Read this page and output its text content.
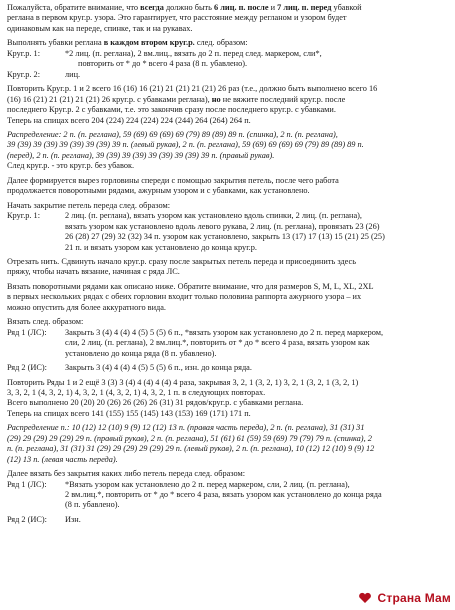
Пожалуйста, обратите внимание, что всегда должно быть 6 лиц. п. после и 7 лиц. п. перед убавкой
реглана в первом круг.р. узора. Это гарантирует, что расстояние между регланом и узором будет
одинаковым как на переде, спинке, так и на рукавах.
Выполнять убавки реглана в каждом втором круг.р. след. образом:
Круг.р. 1:	*2 лиц. (п. реглана), 2 вм.лиц., вязать до 2 п. перед след. маркером, сли*,
повторить от * до * всего 4 раза (8 п. убавлено).
Круг.р. 2:	лиц.
Повторить Круг.р. 1 и 2 всего 16 (16) 16 (21) 21 (21) 21 (21) 26 раз (т.е., должно быть выполнено всего 16
(16) 16 (21) 21 (21) 21 (21) 26 круг.р. с убавками реглана), но не вяжите последний круг.р. после
последнего Круг.р. 2 с убавками, т.е. это закончив сразу после последнего круг.р. с убавками.
Теперь на спицах всего 204 (224) 224 (224) 224 (244) 264 (264) 264 п.
Распределение: 2 п. (п. реглана), 59 (69) 69 (69) 69 (79) 89 (89) 89 п. (спинка), 2 п. (п. реглана),
39 (39) 39 (39) 39 (39) 39 (39) 39 п. (левый рукав), 2 п. (п. реглана), 59 (69) 69 (69) 69 (79) 89 (89) 89 п.
(перед), 2 п. (п. реглана), 39 (39) 39 (39) 39 (39) 39 (39) 39 п. (правый рукав).
След круг.р. - это круг.р. без убавок.
Далее формируется вырез горловины спереди с помощью закрытия петель, после чего работа
продолжается поворотными рядами, ажурным узором и с убавками, как установлено.
Начать закрытие петель переда след. образом:
Круг.р. 1:	2 лиц. (п. реглана), вязать узором как установлено вдоль спинки, 2 лиц. (п. реглана),
вязать узором как установлено вдоль левого рукава, 2 лиц. (п. реглана), провязать 23 (26)
26 (28) 27 (29) 32 (32) 34 п. узором как установлено, закрыть 13 (17) 17 (13) 15 (21) 25 (25)
21 п. и вязать узором как установлено до конца круг.р.
Отрезать нить. Сдвинуть начало круг.р. сразу после закрытых петель переда и присоединить здесь
пряжу, чтобы начать вязание, начиная с ряда ЛС.
Вязать поворотными рядами как описано ниже. Обратите внимание, что для размеров S, M, L, XL, 2XL
в первых нескольких рядах с обеих горловин входит только половина раппорта ажурного узора – их
можно опустить для более аккуратного вида.
Вязать след. образом:
Ряд 1 (ЛС):	Закрыть 3 (4) 4 (4) 4 (5) 5 (5) 6 п., *вязать узором как установлено до 2 п. перед маркером,
сли, 2 лиц. (п. реглана), 2 вм.лиц.*, повторить от * до * всего 4 раза, вязать узором как
установлено до конца ряда (8 п. убавлено).
Ряд 2 (ИС):	Закрыть 3 (4) 4 (4) 4 (5) 5 (5) 6 п., изн. до конца ряда.
Повторить Ряды 1 и 2 ещё 3 (3) 3 (4) 4 (4) 4 (4) 4 раза, закрывая 3, 2, 1 (3, 2, 1) 3, 2, 1 (3, 2, 1 (3, 2, 1)
3, 3, 2, 1 (4, 3, 2, 1) 4, 3, 2, 1 (4, 3, 2, 1) 4, 3, 2, 1 п. в следующих повторах.
Всего выполнено 20 (20) 20 (26) 26 (26) 26 (31) 31 рядов/круг.р. с убавками реглана.
Теперь на спицах всего 141 (155) 155 (145) 143 (153) 169 (171) 171 п.
Распределение п.: 10 (12) 12 (10) 9 (9) 12 (12) 13 п. (правая часть переда), 2 п. (п. реглана), 31 (31) 31
(29) 29 (29) 29 (29) 29 п. (правый рукав), 2 п. (п. реглана), 51 (61) 61 (59) 59 (69) 79 (79) 79 п. (спинка), 2
п. (п. реглана), 31 (31) 31 (29) 29 (29) 29 (29) 29 п. (левый рукав), 2 п. (п. реглана), 10 (12) 12 (10) 9 (9) 12
(12) 13 п. (левая часть переда).
Далее вязать без закрытия каких либо петель переда след. образом:
Ряд 1 (ЛС):	*Вязать узором как установлено до 2 п. перед маркером, сли, 2 лиц. (п. реглана),
2 вм.лиц.*, повторить от * до * всего 4 раза, вязать узором как установлено до конца ряда
(8 п. убавлено).
Ряд 2 (ИС):	Изн.
Страна Мам
